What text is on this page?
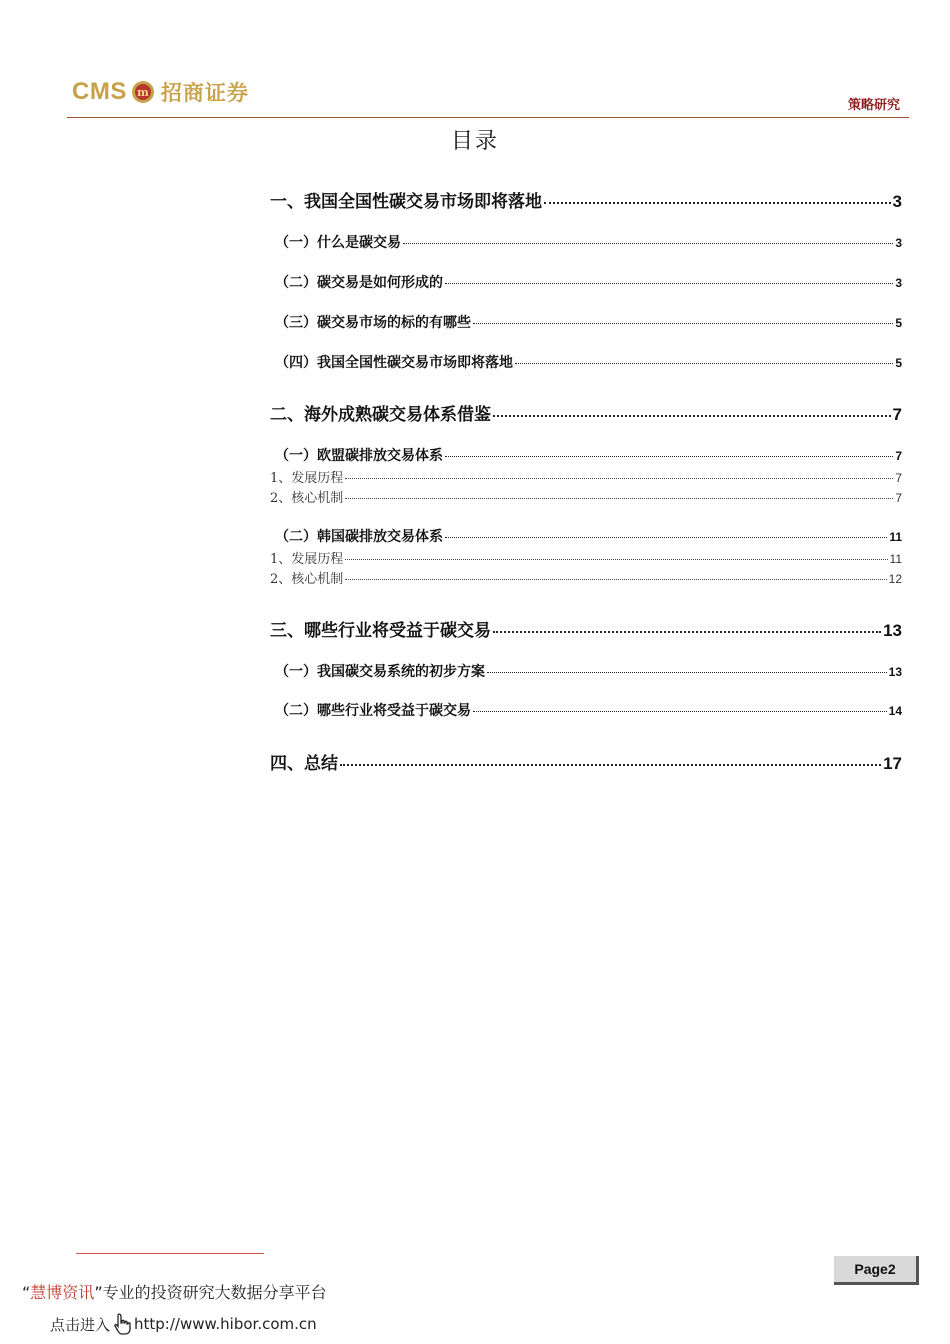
CMS m 招商证券
策略研究
目录
一、我国全国性碳交易市场即将落地	3
（一）什么是碳交易	3
（二）碳交易是如何形成的	3
（三）碳交易市场的标的有哪些	5
（四）我国全国性碳交易市场即将落地	5
二、海外成熟碳交易体系借鉴	7
（一）欧盟碳排放交易体系	7
1、发展历程	7
2、核心机制	7
（二）韩国碳排放交易体系	11
1、发展历程	11
2、核心机制	12
三、哪些行业将受益于碳交易	13
（一）我国碳交易系统的初步方案	13
（二）哪些行业将受益于碳交易	14
四、总结	17
Page2
“慧博资讯”专业的投资研究大数据分享平台
点击进入 http://www.hibor.com.cn
